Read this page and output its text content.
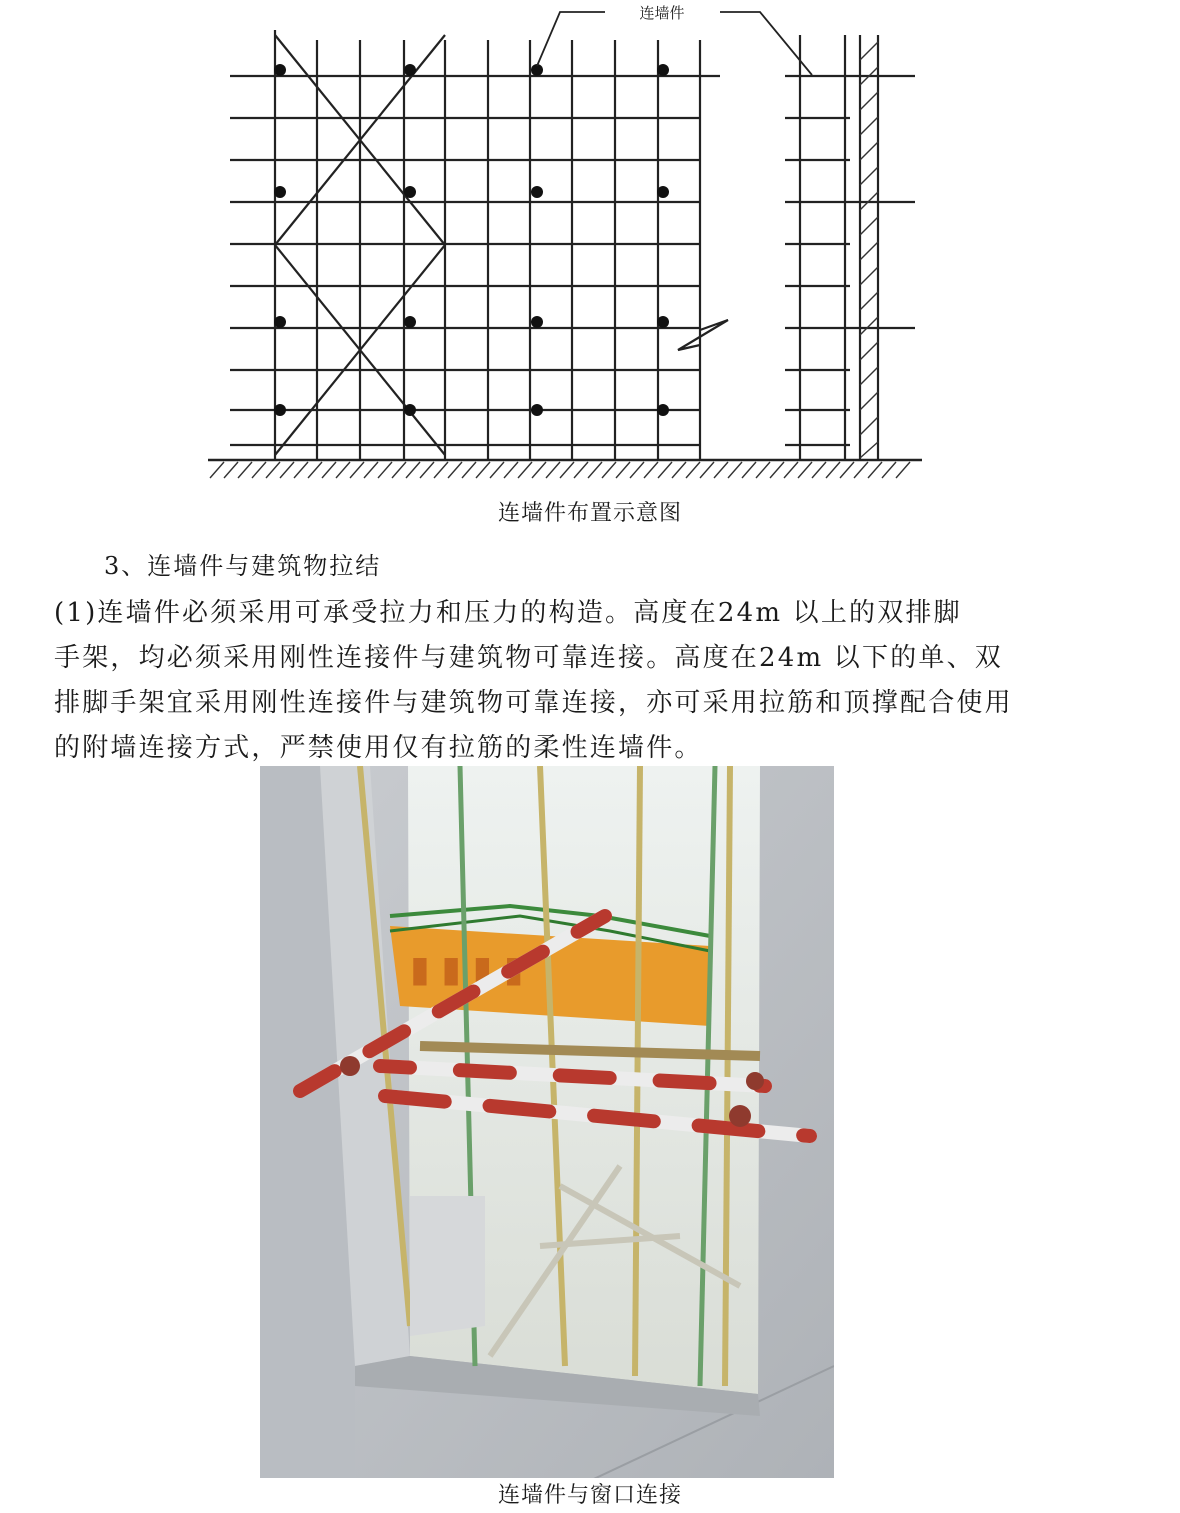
连墙件
连墙件布置示意图
3、连墙件与建筑物拉结
(1)连墙件必须采用可承受拉力和压力的构造。高度在24m 以上的双排脚
手架，均必须采用刚性连接件与建筑物可靠连接。高度在24m 以下的单、双
排脚手架宜采用刚性连接件与建筑物可靠连接，亦可采用拉筋和顶撑配合使用
的附墙连接方式，严禁使用仅有拉筋的柔性连墙件。
▮ ▮ ▮ ▮
连墙件与窗口连接
